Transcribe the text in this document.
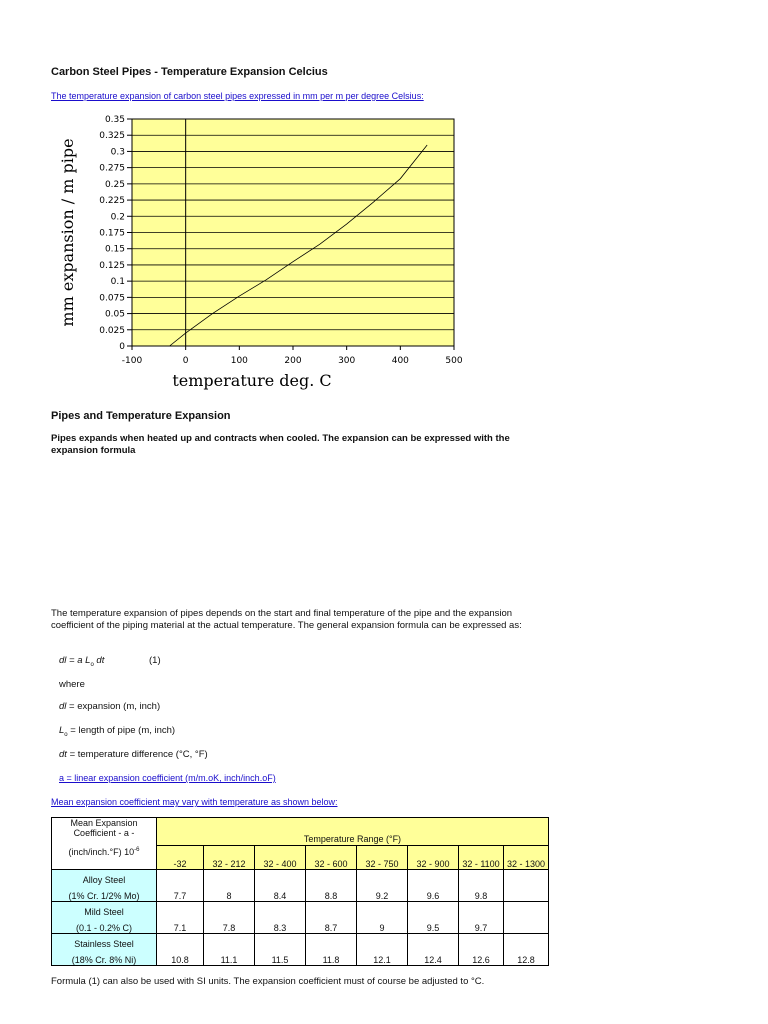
Carbon Steel Pipes - Temperature Expansion Celcius
The temperature expansion of carbon steel pipes expressed in mm per m per degree Celsius:
0
0.025
0.05
0.075
0.1
0.125
0.15
0.175
0.2
0.225
0.25
0.275
0.3
0.325
0.35
-100	0	100	200	300	400	500
temperature deg. C
mm expansion / m pipe
Pipes and Temperature Expansion
Pipes expands when heated up and contracts when cooled. The expansion can be expressed with the expansion formula
The temperature expansion of pipes depends on the start and final temperature of the pipe and the expansion coefficient of the piping material at the actual temperature. The general expansion formula can be expressed as:
dl = a $L_o$ dt	(1)
where
dl = expansion (m, inch)
$L_o$ = length of pipe (m, inch)
dt = temperature difference (°C, °F)
a = linear expansion coefficient (m/m.oK, inch/inch.oF)
Mean expansion coefficient may vary with temperature as shown below:
Mean Expansion
Coefficient - a -
(inch/inch.°F) $10^{-6}$	Temperature Range (°F)							
	-32	32 - 212	32 - 400	32 - 600	32 - 750	32 - 900	32 - 1100	32 - 1300

Alloy Steel
(1% Cr. 1/2% Mo)	7.7	8	8.4	8.8	9.2	9.6	9.8	

Mild Steel
(0.1 - 0.2% C)	7.1	7.8	8.3	8.7	9	9.5	9.7	

Stainless Steel
(18% Cr. 8% Ni)	10.8	11.1	11.5	11.8	12.1	12.4	12.6	12.8
Formula (1) can also be used with SI units. The expansion coefficient must of course be adjusted to °C.
